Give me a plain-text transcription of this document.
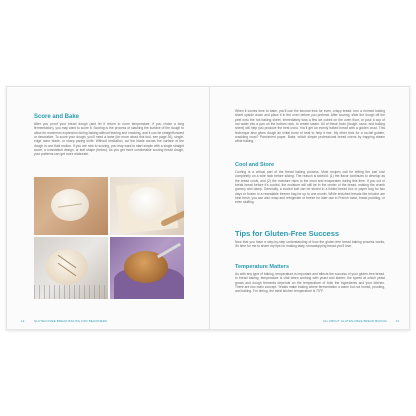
Score and Bake

After you proof your bread dough (and let it return to room temperature, if you chose a long fermentation), you may want to score it. Scoring is the process of slashing the surface of the dough to allow for maximum expansion during baking without tearing and cracking, and it can be straightforward or decorative. To score your dough, you'll need a lame (for more about this tool, see page 26), single-edge razor blade, or sharp paring knife. Without hesitation, cut the blade across the surface of the dough in one fluid motion. If you are new to scoring, you may want to start simple with a single straight score, a crosshatch design, or leaf shape (below). As you get more comfortable scoring bread dough, your patterns can get more elaborate.

12	GLUTEN-FREE BREAD BAKING FOR BEGINNERS

When it comes time to bake, you'll use the second trick for even, crispy bread: turn a rimmed baking sheet upside down and place it in the oven before you preheat. After scoring, slide the dough off the peel onto the hot baking sheet. Immediately toss a few ice cubes on the oven floor, or pour a cup of hot water into a pan on the bottom rack, to create steam. All of these tools (dough, razor, and baking sheet) will help you produce the best crust. You'll get an evenly baked bread with a golden crust. This technique also gives dough an initial burst of heat to help it rise. My other trick for a no-fail golden, crackling crust? Parchment paper. Bake, which simple professional bread ovens by trapping steam while baking.

Cool and Store

Cooling is a critical part of the bread baking process. Most recipes call for letting the loaf cool completely on a wire rack before slicing. The reason is twofold: (1) the flavor continues to develop as the bread cools, and (2) the moisture rises to the crust and evaporates during this time. If you cut or break bread before it's cooled, the moisture will still be in the center of the bread, making the crumb gummy and damp. Generally, a cooled loaf can be stored in a lidded bread box or paper bag for two days or frozen in a resealable freezer bag for up to one month. While enriched breads like brioche are best fresh, you can also wrap and refrigerate or freeze for later use in French toast, bread pudding, or even stuffing.

Tips for Gluten-Free Success

Now that you have a step-by-step understanding of how the gluten-free bread baking process works, it's time for me to share my tips for making tasty, showstopping bread you'll love.

Temperature Matters

As with any type of baking, temperature is important and affects the success of your gluten-free bread. In bread baking, temperature is vital when working with yeast and starter, the speed at which yeast grows and dough ferments depends on the temperature of both the ingredients and your kitchen. There are two main concept. Yeasts make baking where fermentation a warm but not humid, proofing, and baking. For timing, the ideal kitchen temperature is 75°F.

ALL ABOUT GLUTEN-FREE BREAD BAKING	13
